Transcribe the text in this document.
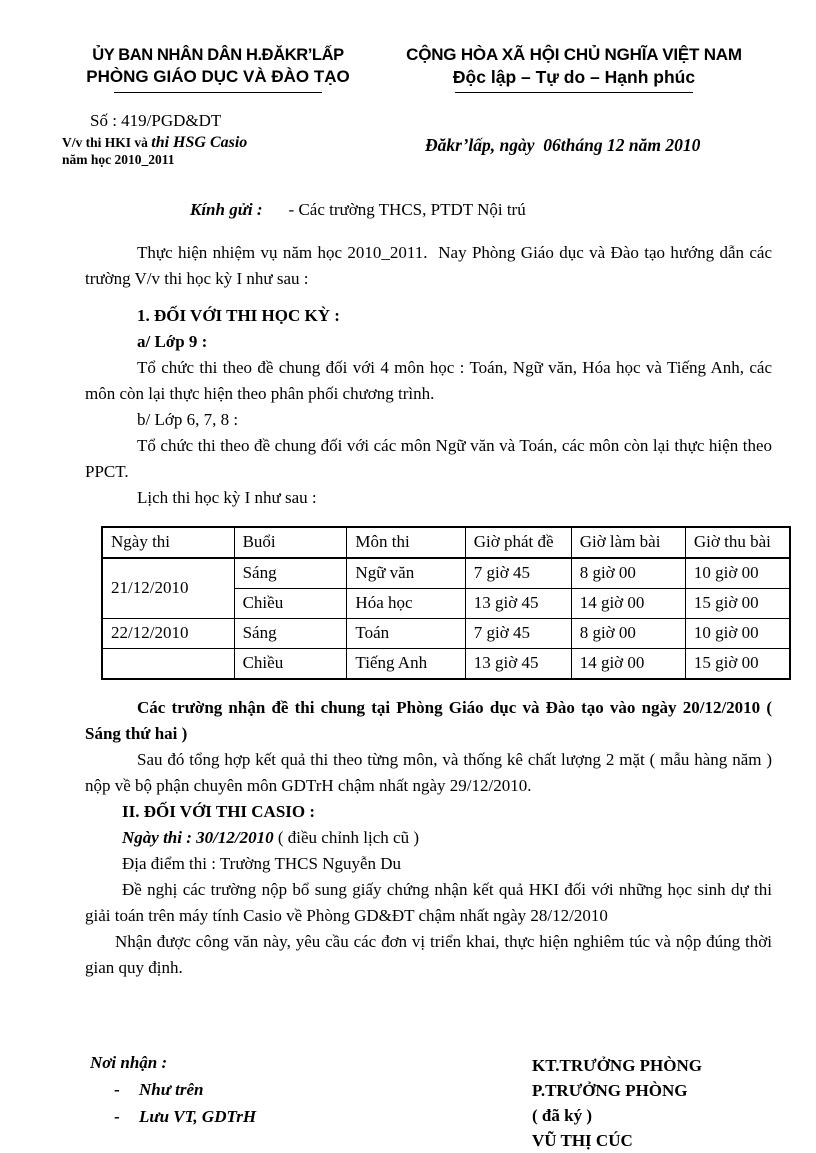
ỦY BAN NHÂN DÂN H.ĐĂKR’LẤP
PHÒNG GIÁO DỤC VÀ ĐÀO TẠO
CỘNG HÒA XÃ HỘI CHỦ NGHĨA VIỆT NAM
Độc lập – Tự do – Hạnh phúc
Số : 419/PGD&DT
V/v thi HKI và thi HSG Casio
năm học 2010_2011
Đăkr’lấp, ngày  06tháng 12 năm 2010
Kính gửi : - Các trường THCS, PTDT Nội trú

Thực hiện nhiệm vụ năm học 2010_2011.  Nay Phòng Giáo dục và Đào tạo hướng dẫn các trường V/v thi học kỳ I như sau :

1. ĐỐI VỚI THI HỌC KỲ :

a/ Lớp 9 :

Tổ chức thi theo đề chung đối với 4 môn học : Toán, Ngữ văn, Hóa học và Tiếng Anh, các môn còn lại thực hiện theo phân phối chương trình.

b/ Lớp 6, 7, 8 :

Tổ chức thi theo đề chung đối với các môn Ngữ văn và Toán, các môn còn lại thực hiện theo PPCT.

Lịch thi học kỳ I như sau :

Ngày thi	Buổi	Môn thi	Giờ phát đề	Giờ làm bài	Giờ thu bài
21/12/2010	Sáng	Ngữ văn	7 giờ 45	8 giờ 00	10 giờ 00
	Chiều	Hóa học	13 giờ 45	14 giờ 00	15 giờ 00
22/12/2010	Sáng	Toán	7 giờ 45	8 giờ 00	10 giờ 00
	Chiều	Tiếng Anh	13 giờ 45	14 giờ 00	15 giờ 00

Các trường nhận đề thi chung tại Phòng Giáo dục và Đào tạo vào ngày 20/12/2010 ( Sáng thứ hai )

Sau đó tổng hợp kết quả thi theo từng môn, và thống kê chất lượng 2 mặt ( mẫu hàng năm ) nộp về bộ phận chuyên môn GDTrH chậm nhất ngày 29/12/2010.

II. ĐỐI VỚI THI CASIO :

Ngày thi : 30/12/2010 ( điều chỉnh lịch cũ )

Địa điểm thi : Trường THCS Nguyễn Du

Đề nghị các trường nộp bổ sung giấy chứng nhận kết quả HKI đối với những học sinh dự thi giải toán trên máy tính Casio về Phòng GD&ĐT chậm nhất ngày 28/12/2010

Nhận được công văn này, yêu cầu các đơn vị triển khai, thực hiện nghiêm túc và nộp đúng thời gian quy định.

Nơi nhận :
-	Như trên
-	Lưu VT, GDTrH
KT.TRƯỞNG PHÒNG
P.TRƯỞNG PHÒNG
( đã ký )
VŨ THỊ CÚC
